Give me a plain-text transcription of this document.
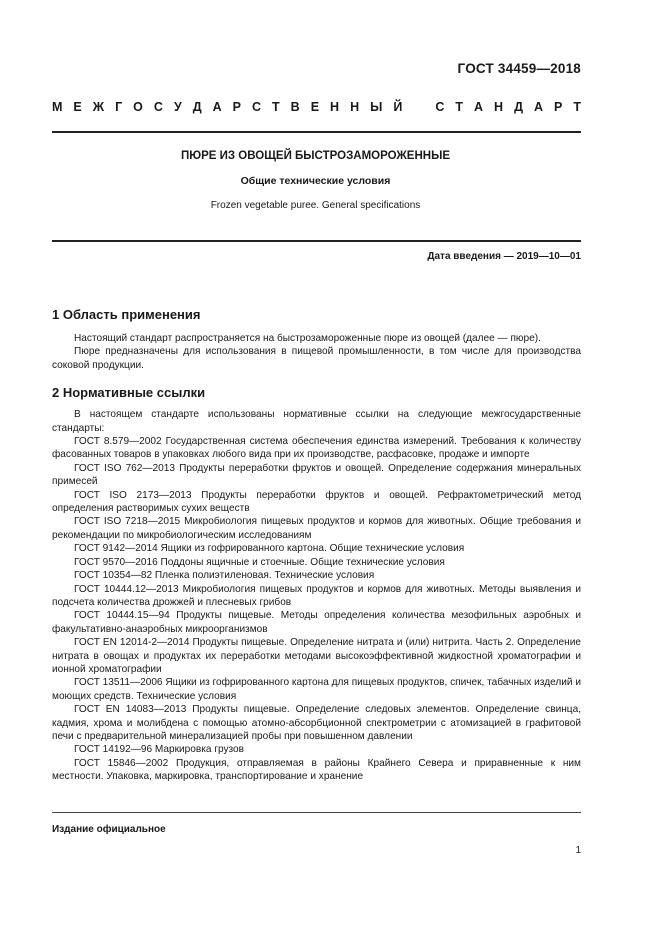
ГОСТ 34459—2018
М Е Ж Г О С У Д А Р С Т В Е Н Н Ы Й	С Т А Н Д А Р Т
ПЮРЕ ИЗ ОВОЩЕЙ БЫСТРОЗАМОРОЖЕННЫЕ
Общие технические условия
Frozen vegetable puree. General specifications
Дата введения — 2019—10—01
1 Область применения

Настоящий стандарт распространяется на быстрозамороженные пюре из овощей (далее — пюре).

Пюре предназначены для использования в пищевой промышленности, в том числе для производства соковой продукции.

2 Нормативные ссылки

В настоящем стандарте использованы нормативные ссылки на следующие межгосударственные стандарты:

ГОСТ 8.579—2002 Государственная система обеспечения единства измерений. Требования к количеству фасованных товаров в упаковках любого вида при их производстве, расфасовке, продаже и импорте

ГОСТ ISO 762—2013 Продукты переработки фруктов и овощей. Определение содержания минеральных примесей

ГОСТ ISO 2173—2013 Продукты переработки фруктов и овощей. Рефрактометрический метод определения растворимых сухих веществ

ГОСТ ISO 7218—2015 Микробиология пищевых продуктов и кормов для животных. Общие требования и рекомендации по микробиологическим исследованиям

ГОСТ 9142—2014 Ящики из гофрированного картона. Общие технические условия

ГОСТ 9570—2016 Поддоны ящичные и стоечные. Общие технические условия

ГОСТ 10354—82 Пленка полиэтиленовая. Технические условия

ГОСТ 10444.12—2013 Микробиология пищевых продуктов и кормов для животных. Методы выявления и подсчета количества дрожжей и плесневых грибов

ГОСТ 10444.15—94 Продукты пищевые. Методы определения количества мезофильных аэробных и факультативно-анаэробных микроорганизмов

ГОСТ EN 12014-2—2014 Продукты пищевые. Определение нитрата и (или) нитрита. Часть 2. Определение нитрата в овощах и продуктах их переработки методами высокоэффективной жидкостной хроматографии и ионной хроматографии

ГОСТ 13511—2006 Ящики из гофрированного картона для пищевых продуктов, спичек, табачных изделий и моющих средств. Технические условия

ГОСТ EN 14083—2013 Продукты пищевые. Определение следовых элементов. Определение свинца, кадмия, хрома и молибдена с помощью атомно-абсорбционной спектрометрии с атомизацией в графитовой печи с предварительной минерализацией пробы при повышенном давлении

ГОСТ 14192—96 Маркировка грузов

ГОСТ 15846—2002 Продукция, отправляемая в районы Крайнего Севера и приравненные к ним местности. Упаковка, маркировка, транспортирование и хранение

Издание официальное
1
